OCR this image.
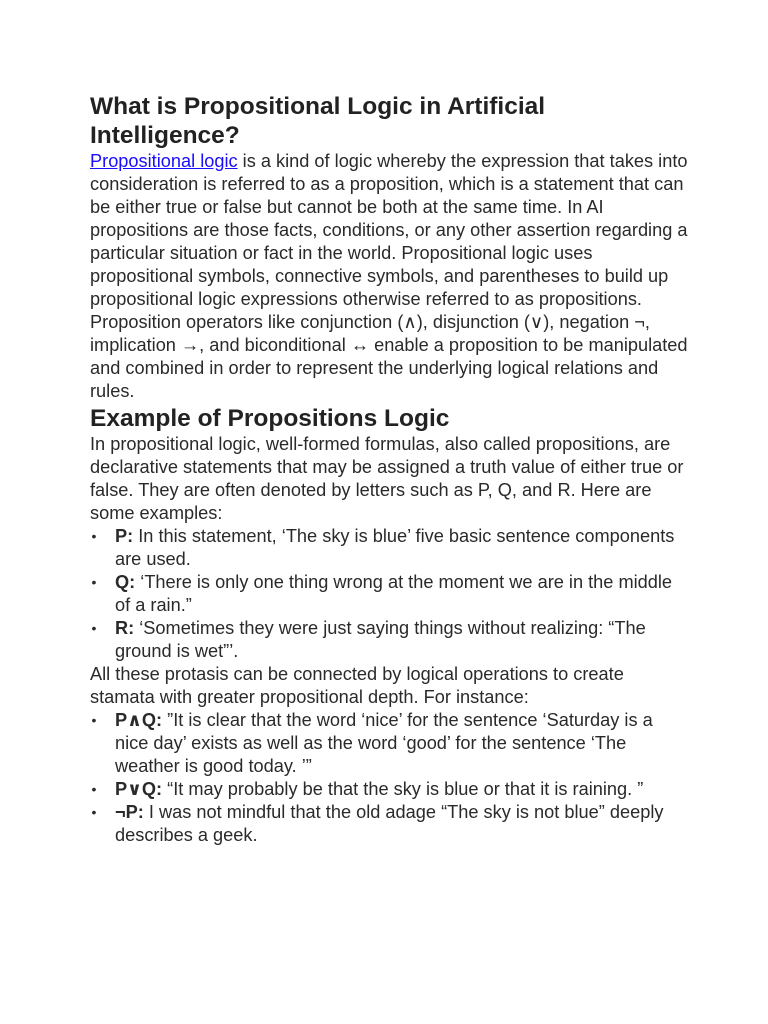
What is Propositional Logic in Artificial Intelligence?

Propositional logic is a kind of logic whereby the expression that takes into consideration is referred to as a proposition, which is a statement that can be either true or false but cannot be both at the same time. In AI propositions are those facts, conditions, or any other assertion regarding a particular situation or fact in the world. Propositional logic uses propositional symbols, connective symbols, and parentheses to build up propositional logic expressions otherwise referred to as propositions.

Proposition operators like conjunction (∧), disjunction (∨), negation ¬, implication →, and biconditional ↔ enable a proposition to be manipulated and combined in order to represent the underlying logical relations and rules.

Example of Propositions Logic

In propositional logic, well-formed formulas, also called propositions, are declarative statements that may be assigned a truth value of either true or false. They are often denoted by letters such as P, Q, and R. Here are some examples:

• P: In this statement, ‘The sky is blue’ five basic sentence components are used.
• Q: ‘There is only one thing wrong at the moment we are in the middle of a rain.”
• R: ‘Sometimes they were just saying things without realizing: “The ground is wet”’.

All these protasis can be connected by logical operations to create stamata with greater propositional depth. For instance:

• P∧Q: ”It is clear that the word ‘nice’ for the sentence ‘Saturday is a nice day’ exists as well as the word ‘good’ for the sentence ‘The weather is good today. ’”
• P∨Q: “It may probably be that the sky is blue or that it is raining. ”
• ¬P: I was not mindful that the old adage “The sky is not blue” deeply describes a geek.
